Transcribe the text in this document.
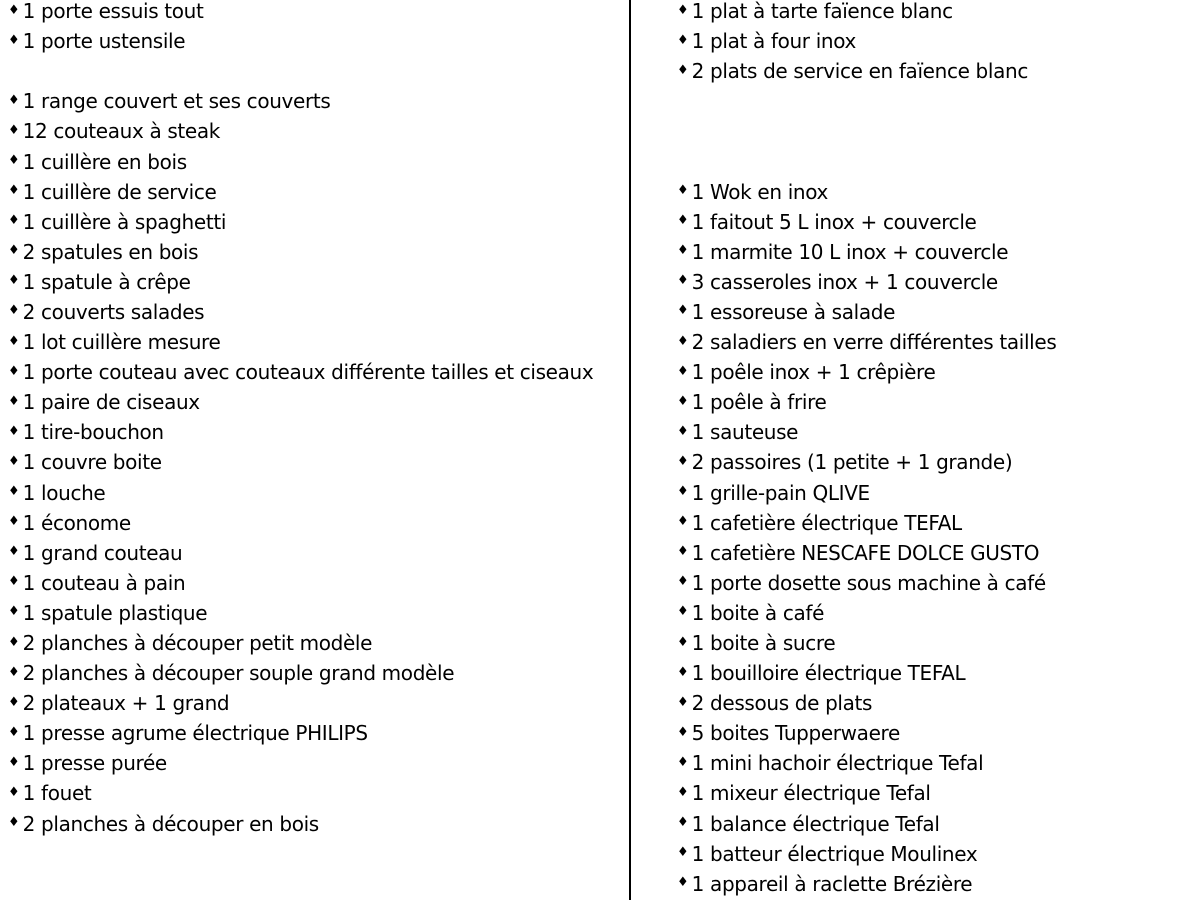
♦ 1 porte essuis tout
♦ 1 porte ustensile
♦ 1 range couvert et ses couverts
♦ 12 couteaux à steak
♦ 1 cuillère en bois
♦ 1 cuillère de service
♦ 1 cuillère à spaghetti
♦ 2 spatules en bois
♦ 1 spatule à crêpe
♦ 2 couverts salades
♦ 1 lot cuillère mesure
♦ 1 porte couteau avec couteaux différente tailles et ciseaux
♦ 1 paire de ciseaux
♦ 1 tire-bouchon
♦ 1 couvre boite
♦ 1 louche
♦ 1 économe
♦ 1 grand couteau
♦ 1 couteau à pain
♦ 1 spatule plastique
♦ 2 planches à découper petit modèle
♦ 2 planches à découper souple grand modèle
♦ 2 plateaux + 1 grand
♦ 1 presse agrume électrique PHILIPS
♦ 1 presse purée
♦ 1 fouet
♦ 2 planches à découper en bois
♦ 1 plat à tarte faïence blanc
♦ 1 plat à four inox
♦ 2 plats de service en faïence blanc
♦ 1 Wok en inox
♦ 1 faitout 5 L inox + couvercle
♦ 1 marmite 10 L inox + couvercle
♦ 3 casseroles inox + 1 couvercle
♦ 1 essoreuse à salade
♦ 2 saladiers en verre différentes tailles
♦ 1 poêle inox + 1 crêpière
♦ 1 poêle à frire
♦ 1 sauteuse
♦ 2 passoires (1 petite + 1 grande)
♦ 1 grille-pain QLIVE
♦ 1 cafetière électrique TEFAL
♦ 1 cafetière NESCAFE DOLCE GUSTO
♦ 1 porte dosette sous machine à café
♦ 1 boite à café
♦ 1 boite à sucre
♦ 1 bouilloire électrique TEFAL
♦ 2 dessous de plats
♦ 5 boites Tupperwaere
♦ 1 mini hachoir électrique Tefal
♦ 1 mixeur électrique Tefal
♦ 1 balance électrique Tefal
♦ 1 batteur électrique Moulinex
♦ 1 appareil à raclette Brézière
